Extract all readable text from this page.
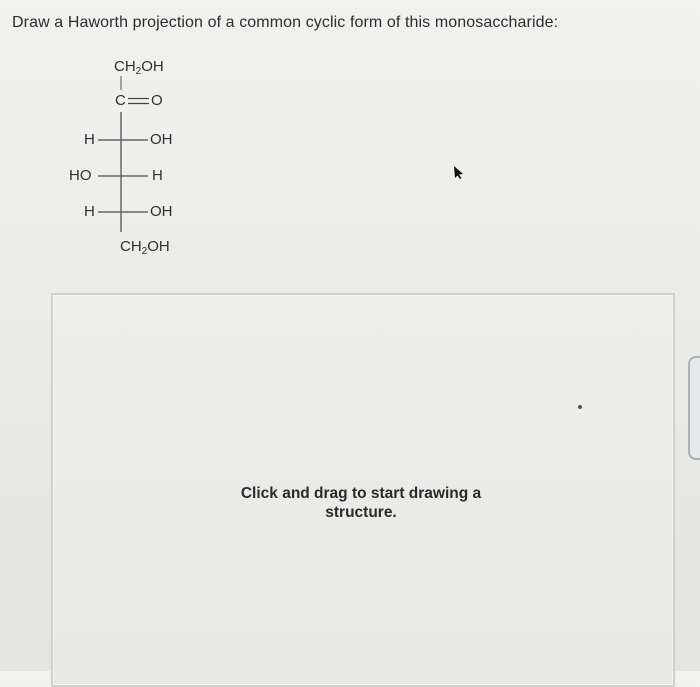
Draw a Haworth projection of a common cyclic form of this monosaccharide:
$CH_2OH$
C O
H	OH
HO	H
H	OH
$CH_2OH$
Click and drag to start drawing a structure.
